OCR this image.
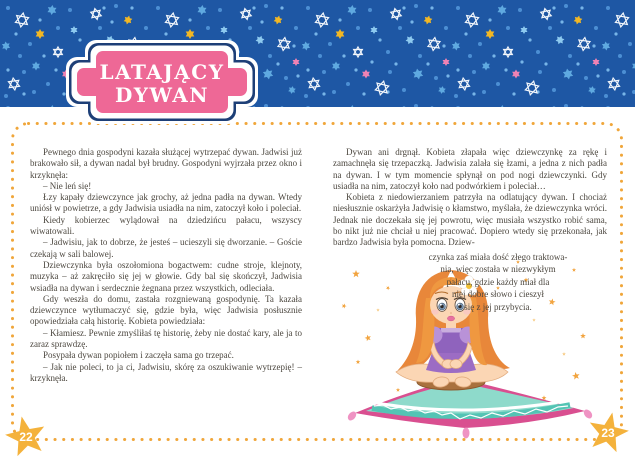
LATAJĄCY
DYWAN

Pewnego dnia gospodyni kazała służącej wytrzepać dywan. Jadwisi już brakowało sił, a dywan nadal był brudny. Gospodyni wyjrzała przez okno i krzyknęła:

– Nie leń się!

Łzy kapały dziewczynce jak grochy, aż jedna padła na dywan. Wtedy uniósł w powietrze, a gdy Jadwisia usiadła na nim, zatoczył koło i poleciał.

Kiedy kobierzec wylądował na dziedzińcu pałacu, wszyscy wiwatowali.

– Jadwisiu, jak to dobrze, że jesteś – ucieszyli się dworzanie. – Goście czekają w sali balowej.

Dziewczynka była oszołomiona bogactwem: cudne stroje, klejnoty, muzyka – aż zakręciło się jej w głowie. Gdy bal się skończył, Jadwisia wsiadła na dywan i serdecznie żegnana przez wszystkich, odleciała.

Gdy weszła do domu, zastała rozgniewaną gospodynię. Ta kazała dziewczynce wytłumaczyć się, gdzie była, więc Jadwisia posłusznie opowiedziała całą historię. Kobieta powiedziała:

– Kłamiesz. Pewnie zmyśliłaś tę historię, żeby nie dostać kary, ale ja to zaraz sprawdzę.

Posypała dywan popiołem i zaczęła sama go trzepać.

– Jak nie poleci, to ja ci, Jadwisiu, skórę za oszukiwanie wytrzepię! – krzyknęła.

Dywan ani drgnął. Kobieta złapała więc dziewczynkę za rękę i zamachnęła się trzepaczką. Jadwisia zalała się łzami, a jedna z nich padła na dywan. I w tym momencie spłynął on pod nogi dziewczynki. Gdy usiadła na nim, zatoczył koło nad podwórkiem i poleciał…

Kobieta z niedowierzaniem patrzyła na odlatujący dywan. I chociaż niesłusznie oskarżyła Jadwisię o kłamstwo, myślała, że dziewczynka wróci. Jednak nie doczekała się jej powrotu, więc musiała wszystko robić sama, bo nikt już nie chciał u niej pracować. Dopiero wtedy się przekonała, jak bardzo Jadwisia była pomocna. Dziew-

czynka zaś miała dość złego traktowa-
nia, więc została w niezwykłym
pałacu, gdzie każdy miał dla
niej dobre słowo i cieszył
się z jej przybycia.
22	23
